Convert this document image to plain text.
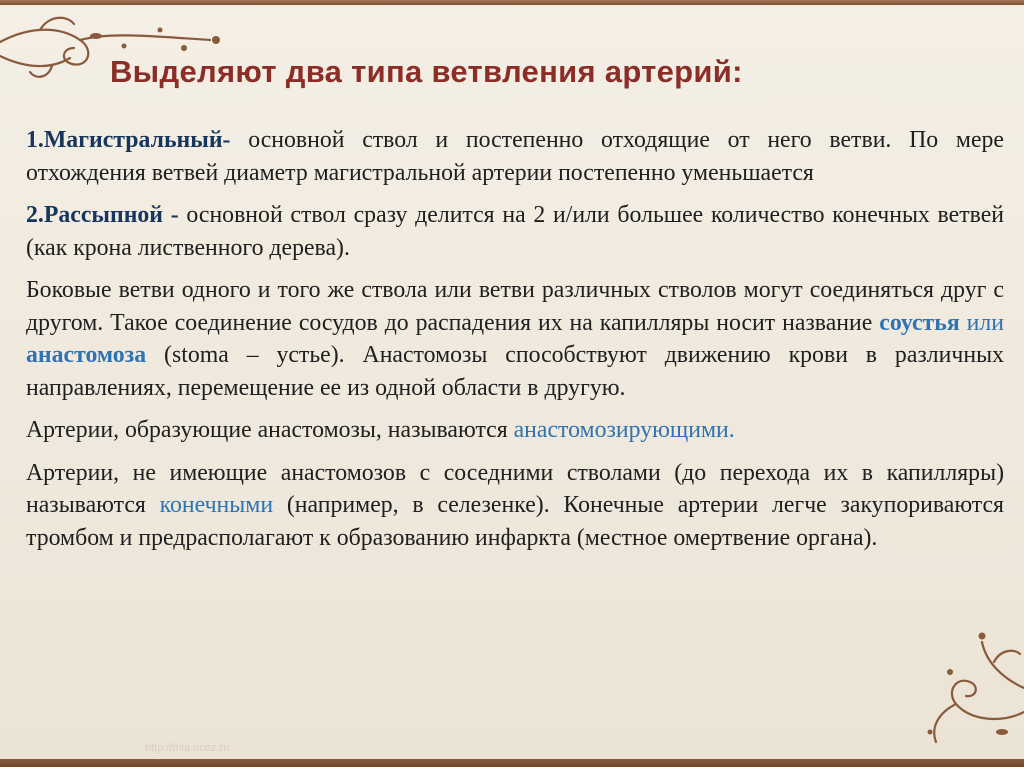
Выделяют два типа ветвления артерий:

1.Магистральный- основной ствол и постепенно отходящие от него ветви. По мере отхождения ветвей диаметр магистральной артерии постепенно уменьшается

2.Рассыпной - основной ствол сразу делится на 2 и/или большее количество конечных ветвей (как крона лиственного дерева).

Боковые ветви одного и того же ствола или ветви различных стволов могут соединяться друг с другом. Такое соединение сосудов до распадения их на капилляры носит название соустья или анастомоза (stoma – устье). Анастомозы способствуют движению крови в различных направлениях, перемещение ее из одной области в другую.

Артерии, образующие анастомозы, называются анастомозирующими.

Артерии, не имеющие анастомозов с соседними стволами (до перехода их в капилляры) называются конечными (например, в селезенке). Конечные артерии легче закупориваются тромбом и предрасполагают к образованию инфаркта (местное омертвение органа).

http://mla.ucoz.ru
